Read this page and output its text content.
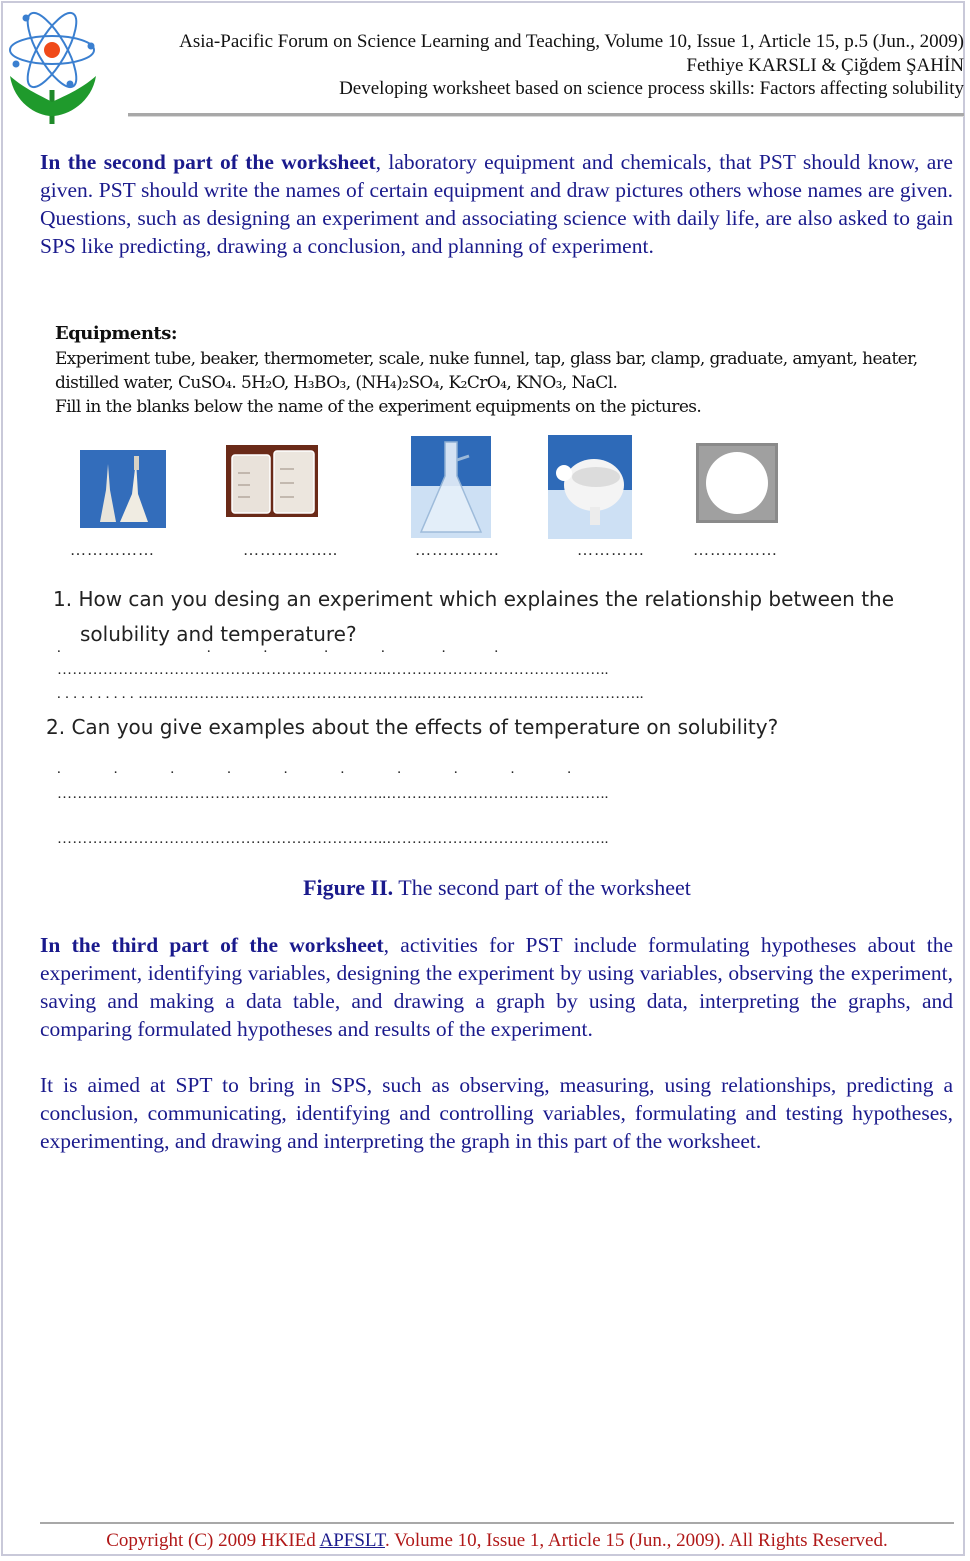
Asia-Pacific Forum on Science Learning and Teaching, Volume 10, Issue 1, Article 15, p.5 (Jun., 2009)
Fethiye KARSLI & Çiğdem ŞAHİN
Developing worksheet based on science process skills: Factors affecting solubility

In the second part of the worksheet, laboratory equipment and chemicals, that PST should know, are given. PST should write the names of certain equipment and draw pictures others whose names are given. Questions, such as designing an experiment and associating science with daily life, are also asked to gain SPS like predicting, drawing a conclusion, and planning of experiment.

Equipments:
Experiment tube, beaker, thermometer, scale, nuke funnel, tap, glass bar, clamp, graduate, amyant, heater,
distilled water, CuSO₄. 5H₂O, H₃BO₃, (NH₄)₂SO₄, K₂CrO₄, KNO₃, NaCl.
Fill in the blanks below the name of the experiment equipments on the pictures.
……………	……………..	……………	…………	……………
1. How can you desing an experiment which explaines the relationship between the
solubility and temperature?
.                                    .             .              .             .              .            .
………………………………………………………..……………………………………..
. . . . . . . . . . ………………………………………………..……………………………………..
2. Can you give examples about the effects of temperature on solubility?
.             .             .             .             .             .             .             .             .             .
………………………………………………………..……………………………………..
………………………………………………………..……………………………………..
Figure II. The second part of the worksheet

In the third part of the worksheet, activities for PST include formulating hypotheses about the experiment, identifying variables, designing the experiment by using variables, observing the experiment, saving and making a data table, and drawing a graph by using data, interpreting the graphs, and comparing formulated hypotheses and results of the experiment.

It is aimed at SPT to bring in SPS, such as observing, measuring, using relationships, predicting a conclusion, communicating, identifying and controlling variables, formulating and testing hypotheses, experimenting, and drawing and interpreting the graph in this part of the worksheet.

Copyright (C) 2009 HKIEd APFSLT. Volume 10, Issue 1, Article 15 (Jun., 2009). All Rights Reserved.
